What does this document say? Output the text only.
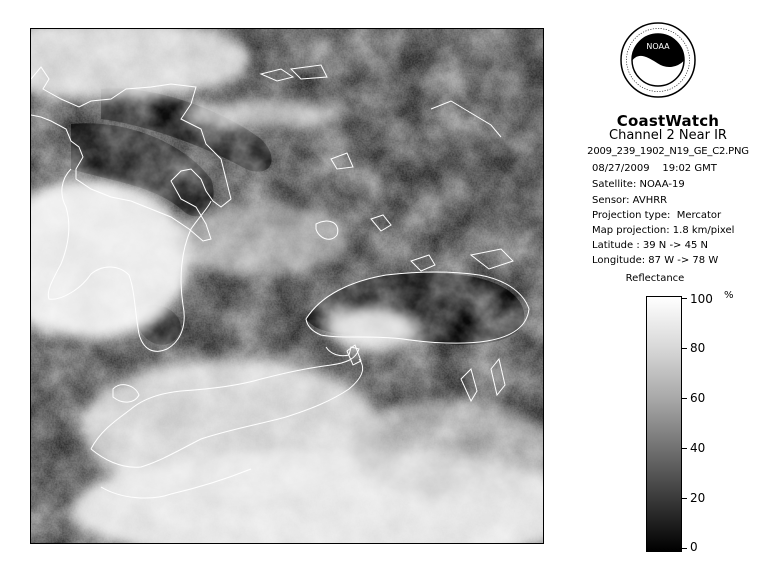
NOAA
CoastWatch
Channel 2 Near IR
2009_239_1902_N19_GE_C2.PNG
08/27/2009    19:02 GMT
Satellite: NOAA-19
Sensor: AVHRR
Projection type:  Mercator
Map projection: 1.8 km/pixel
Latitude : 39 N -> 45 N
Longitude: 87 W -> 78 W
Reflectance
%
100
80
60
40
20
0
